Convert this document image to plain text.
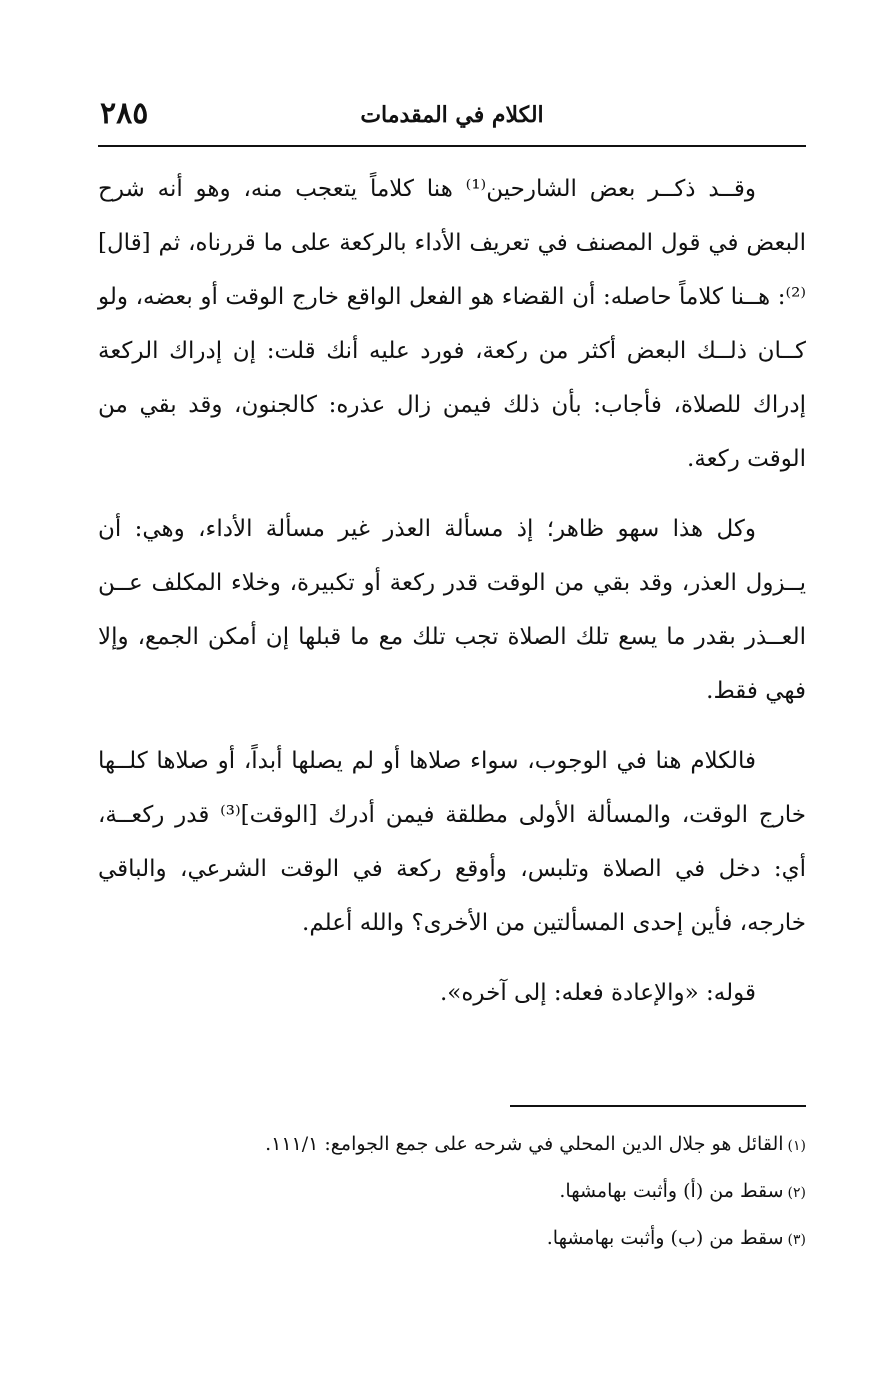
الكلام في المقدمات
٢٨٥

وقــد ذكــر بعض الشارحين⁽¹⁾ هنا كلاماً يتعجب منه، وهو أنه شرح البعض في قول المصنف في تعريف الأداء بالركعة على ما قررناه، ثم [قال]⁽²⁾: هــنا كلاماً حاصله: أن القضاء هو الفعل الواقع خارج الوقت أو بعضه، ولو كــان ذلــك البعض أكثر من ركعة، فورد عليه أنك قلت: إن إدراك الركعة إدراك للصلاة، فأجاب: بأن ذلك فيمن زال عذره: كالجنون، وقد بقي من الوقت ركعة.

وكل هذا سهو ظاهر؛ إذ مسألة العذر غير مسألة الأداء، وهي: أن يــزول العذر، وقد بقي من الوقت قدر ركعة أو تكبيرة، وخلاء المكلف عــن العــذر بقدر ما يسع تلك الصلاة تجب تلك مع ما قبلها إن أمكن الجمع، وإلا فهي فقط.

فالكلام هنا في الوجوب، سواء صلاها أو لم يصلها أبداً، أو صلاها كلــها خارج الوقت، والمسألة الأولى مطلقة فيمن أدرك [الوقت]⁽³⁾ قدر ركعــة، أي: دخل في الصلاة وتلبس، وأوقع ركعة في الوقت الشرعي، والباقي خارجه، فأين إحدى المسألتين من الأخرى؟ والله أعلم.

قوله: «والإعادة فعله: إلى آخره».

(١)القائل هو جلال الدين المحلي في شرحه على جمع الجوامع: ١١١/١.

(٢)سقط من (أ) وأثبت بهامشها.

(٣)سقط من (ب) وأثبت بهامشها.
